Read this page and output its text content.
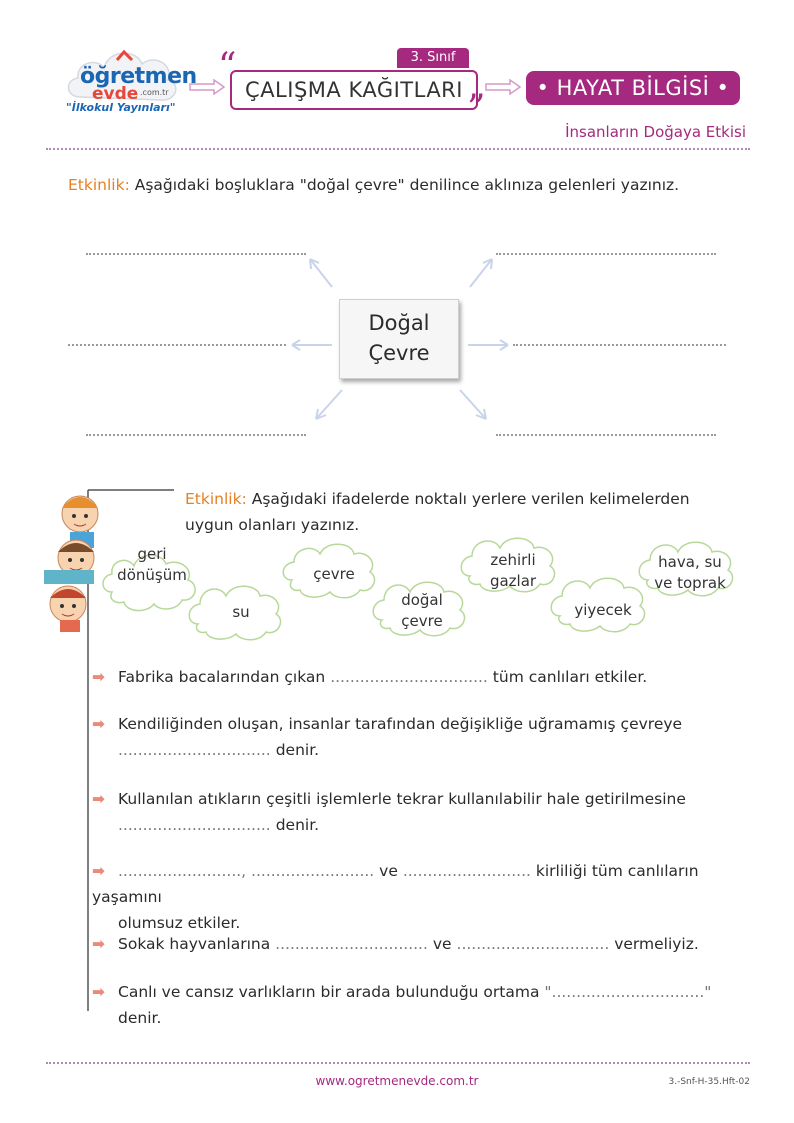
öğretmen
evde .com.tr
"İlkokul Yayınları"
“	3. Sınıf
ÇALIŞMA KAĞITLARI ”	• HAYAT BİLGİSİ •
İnsanların Doğaya Etkisi
Etkinlik: Aşağıdaki boşluklara "doğal çevre" denilince aklınıza gelenleri yazınız.
Doğal
Çevre
Etkinlik: Aşağıdaki ifadelerde noktalı yerlere verilen kelimelerden uygun olanları yazınız.
geri
dönüşüm
su
çevre
doğal
çevre
zehirli
gazlar
yiyecek
hava, su
ve toprak
➡ Fabrika bacalarından çıkan ................................ tüm canlıları etkiler.
➡ Kendiliğinden oluşan, insanlar tarafından değişikliğe uğramamış çevreye
............................... denir.
➡ Kullanılan atıkların çeşitli işlemlerle tekrar kullanılabilir hale getirilmesine
............................... denir.
➡ ........................., ......................... ve .......................... kirliliği tüm canlıların yaşamını
olumsuz etkiler.
➡ Sokak hayvanlarına ............................... ve ............................... vermeliyiz.
➡ Canlı ve cansız varlıkların bir arada bulunduğu ortama "..............................."
denir.
www.ogretmenevde.com.tr	3.-Snf-H-35.Hft-02
